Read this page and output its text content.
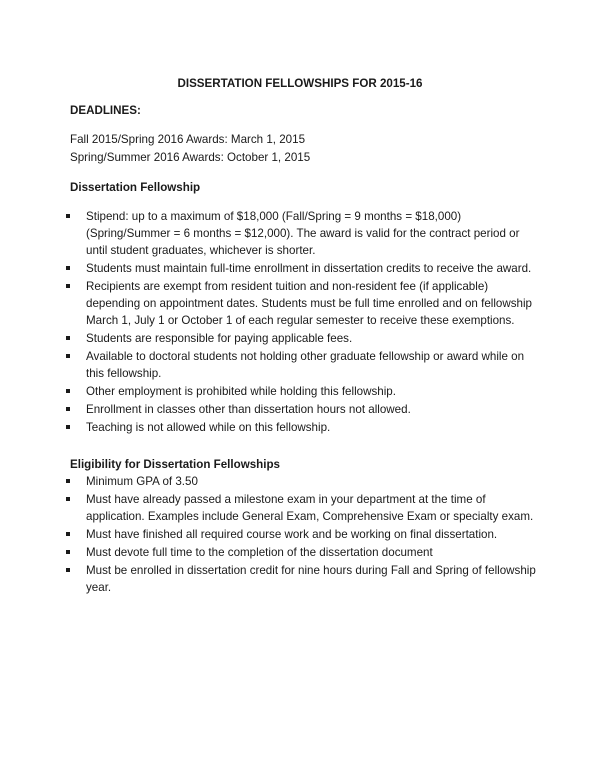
DISSERTATION FELLOWSHIPS FOR 2015-16
DEADLINES:
Fall 2015/Spring 2016 Awards: March 1, 2015
Spring/Summer 2016 Awards: October 1, 2015
Dissertation Fellowship
Stipend: up to a maximum of $18,000 (Fall/Spring = 9 months = $18,000) (Spring/Summer = 6 months = $12,000). The award is valid for the contract period or until student graduates, whichever is shorter.
Students must maintain full-time enrollment in dissertation credits to receive the award.
Recipients are exempt from resident tuition and non-resident fee (if applicable) depending on appointment dates. Students must be full time enrolled and on fellowship March 1, July 1 or October 1 of each regular semester to receive these exemptions.
Students are responsible for paying applicable fees.
Available to doctoral students not holding other graduate fellowship or award while on this fellowship.
Other employment is prohibited while holding this fellowship.
Enrollment in classes other than dissertation hours not allowed.
Teaching is not allowed while on this fellowship.
Eligibility for Dissertation Fellowships
Minimum GPA of 3.50
Must have already passed a milestone exam in your department at the time of application. Examples include General Exam, Comprehensive Exam or specialty exam.
Must have finished all required course work and be working on final dissertation.
Must devote full time to the completion of the dissertation document
Must be enrolled in dissertation credit for nine hours during Fall and Spring of fellowship year.
